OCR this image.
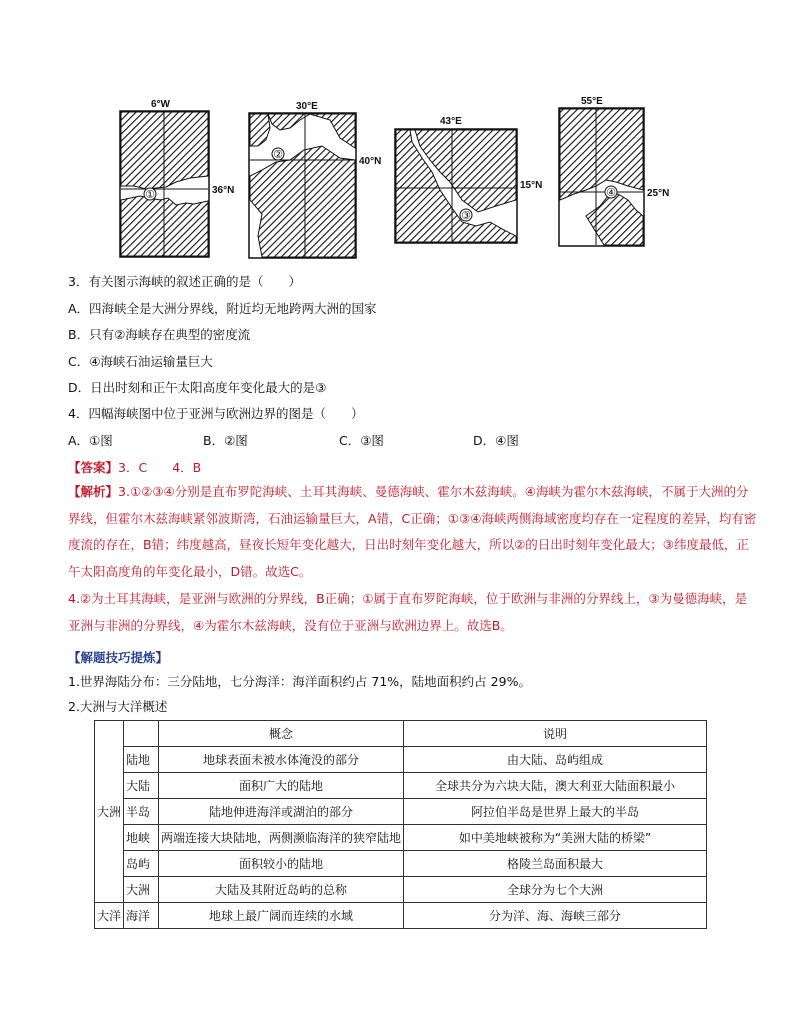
①
6°W
36°N
②
30°E
40°N
③
43°E
15°N
④
55°E
25°N
3．有关图示海峡的叙述正确的是（　　）
A．四海峡全是大洲分界线，附近均无地跨两大洲的国家
B．只有②海峡存在典型的密度流
C．④海峡石油运输量巨大
D．日出时刻和正午太阳高度年变化最大的是③
4．四幅海峡图中位于亚洲与欧洲边界的图是（　　）
A．①图	B．②图	C．③图	D．④图
【答案】3．C　　4．B
【解析】3.①②③④分别是直布罗陀海峡、土耳其海峡、曼德海峡、霍尔木兹海峡。④海峡为霍尔木兹海峡，不属于大洲的分界线，但霍尔木兹海峡紧邻波斯湾，石油运输量巨大，A错，C正确；①③④海峡两侧海域密度均存在一定程度的差异，均有密度流的存在，B错；纬度越高，昼夜长短年变化越大，日出时刻年变化越大，所以②的日出时刻年变化最大；③纬度最低，正午太阳高度角的年变化最小，D错。故选C。
4.②为土耳其海峡，是亚洲与欧洲的分界线，B正确；①属于直布罗陀海峡，位于欧洲与非洲的分界线上，③为曼德海峡，是亚洲与非洲的分界线，④为霍尔木兹海峡，没有位于亚洲与欧洲边界上。故选B。
【解题技巧提炼】
1.世界海陆分布：三分陆地，七分海洋：海洋面积约占 71%，陆地面积约占 29%。
2.大洲与大洋概述
大洲		概念	说明
	陆地	地球表面未被水体淹没的部分	由大陆、岛屿组成
	大陆	面积广大的陆地	全球共分为六块大陆，澳大利亚大陆面积最小
	半岛	陆地伸进海洋或湖泊的部分	阿拉伯半岛是世界上最大的半岛
	地峡	两端连接大块陆地，两侧濒临海洋的狭窄陆地	如中美地峡被称为“美洲大陆的桥梁”
	岛屿	面积较小的陆地	格陵兰岛面积最大
	大洲	大陆及其附近岛屿的总称	全球分为七个大洲
大洋	海洋	地球上最广阔而连续的水域	分为洋、海、海峡三部分
